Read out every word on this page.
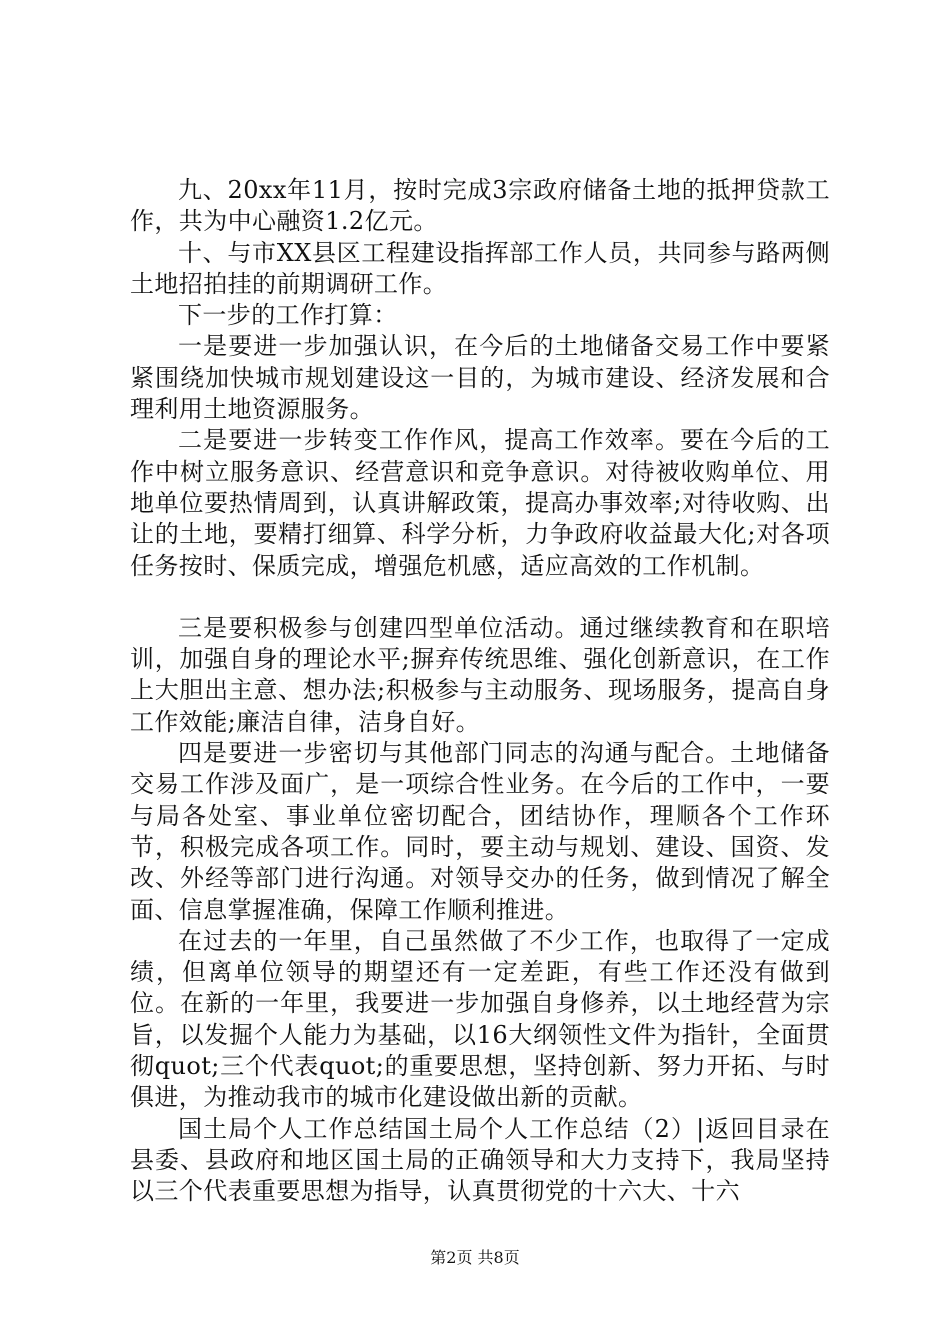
九、20xx年11月，按时完成3宗政府储备土地的抵押贷款工作，共为中心融资1.2亿元。

十、与市XX县区工程建设指挥部工作人员，共同参与路两侧土地招拍挂的前期调研工作。

下一步的工作打算：

一是要进一步加强认识，在今后的土地储备交易工作中要紧紧围绕加快城市规划建设这一目的，为城市建设、经济发展和合理利用土地资源服务。

二是要进一步转变工作作风，提高工作效率。要在今后的工作中树立服务意识、经营意识和竞争意识。对待被收购单位、用地单位要热情周到，认真讲解政策，提高办事效率;对待收购、出让的土地，要精打细算、科学分析，力争政府收益最大化;对各项任务按时、保质完成，增强危机感，适应高效的工作机制。

三是要积极参与创建四型单位活动。通过继续教育和在职培训，加强自身的理论水平;摒弃传统思维、强化创新意识，在工作上大胆出主意、想办法;积极参与主动服务、现场服务，提高自身工作效能;廉洁自律，洁身自好。

四是要进一步密切与其他部门同志的沟通与配合。土地储备交易工作涉及面广，是一项综合性业务。在今后的工作中，一要与局各处室、事业单位密切配合，团结协作，理顺各个工作环节，积极完成各项工作。同时，要主动与规划、建设、国资、发改、外经等部门进行沟通。对领导交办的任务，做到情况了解全面、信息掌握准确，保障工作顺利推进。

在过去的一年里，自己虽然做了不少工作，也取得了一定成绩，但离单位领导的期望还有一定差距，有些工作还没有做到位。在新的一年里，我要进一步加强自身修养，以土地经营为宗旨，以发掘个人能力为基础，以16大纲领性文件为指针，全面贯彻quot;三个代表quot;的重要思想，坚持创新、努力开拓、与时俱进，为推动我市的城市化建设做出新的贡献。

国土局个人工作总结国土局个人工作总结（2）|返回目录在县委、县政府和地区国土局的正确领导和大力支持下，我局坚持以三个代表重要思想为指导，认真贯彻党的十六大、十六

第2页 共8页
